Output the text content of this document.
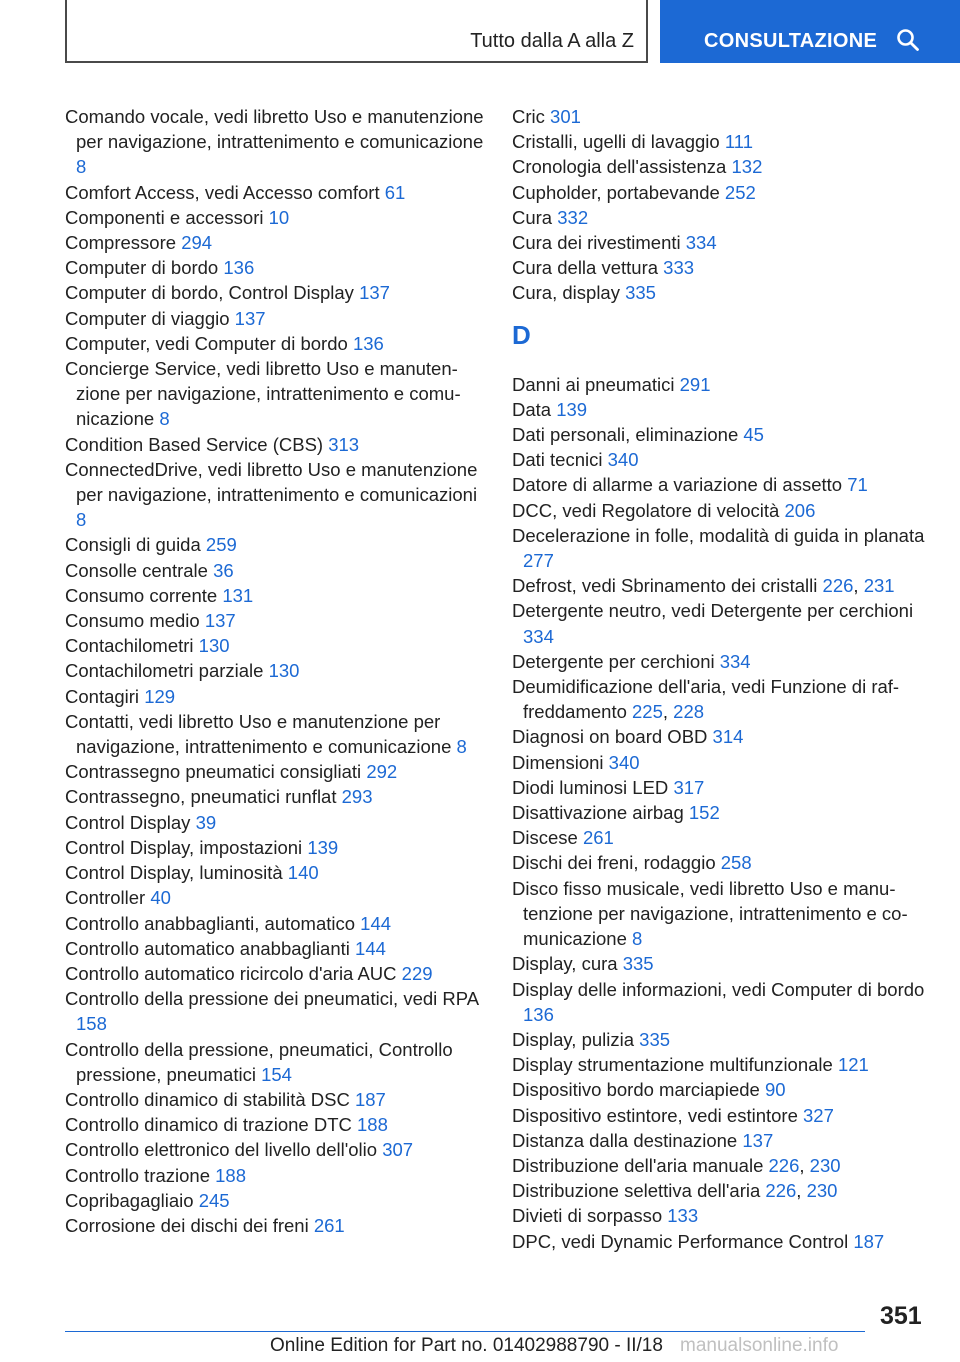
Tutto dalla A alla Z	CONSULTAZIONE
Comando vocale, vedi libretto Uso e manutenzione per navigazione, intrattenimento e comunicazione 8
Comfort Access, vedi Accesso comfort 61
Componenti e accessori 10
Compressore 294
Computer di bordo 136
Computer di bordo, Control Display 137
Computer di viaggio 137
Computer, vedi Computer di bordo 136
Concierge Service, vedi libretto Uso e manutenzione per navigazione, intrattenimento e comunicazione 8
Condition Based Service (CBS) 313
ConnectedDrive, vedi libretto Uso e manutenzione per navigazione, intrattenimento e comunicazioni 8
Consigli di guida 259
Consolle centrale 36
Consumo corrente 131
Consumo medio 137
Contachilometri 130
Contachilometri parziale 130
Contagiri 129
Contatti, vedi libretto Uso e manutenzione per navigazione, intrattenimento e comunicazione 8
Contrassegno pneumatici consigliati 292
Contrassegno, pneumatici runflat 293
Control Display 39
Control Display, impostazioni 139
Control Display, luminosità 140
Controller 40
Controllo anabbaglianti, automatico 144
Controllo automatico anabbaglianti 144
Controllo automatico ricircolo d'aria AUC 229
Controllo della pressione dei pneumatici, vedi RPA 158
Controllo della pressione, pneumatici, Controllo pressione, pneumatici 154
Controllo dinamico di stabilità DSC 187
Controllo dinamico di trazione DTC 188
Controllo elettronico del livello dell'olio 307
Controllo trazione 188
Copribagagliaio 245
Corrosione dei dischi dei freni 261
Cric 301
Cristalli, ugelli di lavaggio 111
Cronologia dell'assistenza 132
Cupholder, portabevande 252
Cura 332
Cura dei rivestimenti 334
Cura della vettura 333
Cura, display 335
D
Danni ai pneumatici 291
Data 139
Dati personali, eliminazione 45
Dati tecnici 340
Datore di allarme a variazione di assetto 71
DCC, vedi Regolatore di velocità 206
Decelerazione in folle, modalità di guida in planata 277
Defrost, vedi Sbrinamento dei cristalli 226, 231
Detergente neutro, vedi Detergente per cerchioni 334
Detergente per cerchioni 334
Deumidificazione dell'aria, vedi Funzione di raffreddamento 225, 228
Diagnosi on board OBD 314
Dimensioni 340
Diodi luminosi LED 317
Disattivazione airbag 152
Discese 261
Dischi dei freni, rodaggio 258
Disco fisso musicale, vedi libretto Uso e manutenzione per navigazione, intrattenimento e comunicazione 8
Display, cura 335
Display delle informazioni, vedi Computer di bordo 136
Display, pulizia 335
Display strumentazione multifunzionale 121
Dispositivo bordo marciapiede 90
Dispositivo estintore, vedi estintore 327
Distanza dalla destinazione 137
Distribuzione dell'aria manuale 226, 230
Distribuzione selettiva dell'aria 226, 230
Divieti di sorpasso 133
DPC, vedi Dynamic Performance Control 187
351
Online Edition for Part no. 01402988790 - II/18 manualsonline.info
